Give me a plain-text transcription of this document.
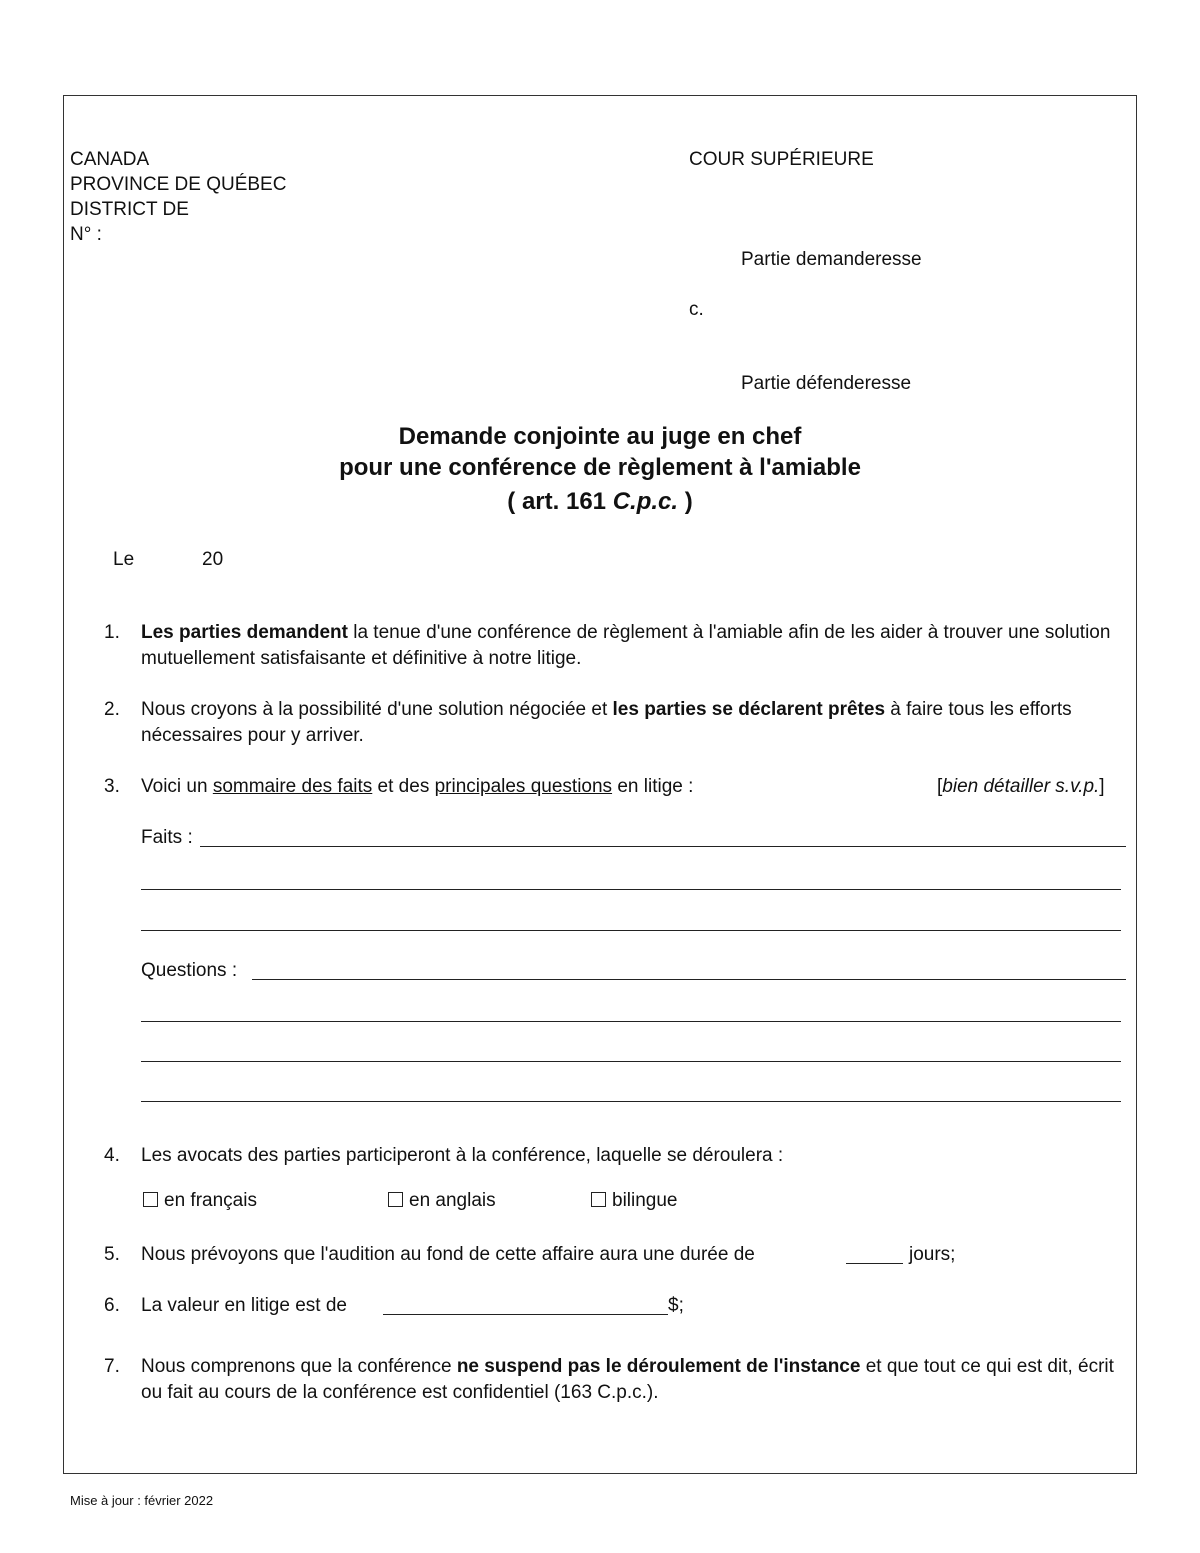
CANADA
PROVINCE DE QUÉBEC
DISTRICT DE
N° :
COUR SUPÉRIEURE
Partie demanderesse
c.
Partie défenderesse
Demande conjointe au juge en chef
pour une conférence de règlement à l'amiable
( art. 161 C.p.c. )
Le	20
1. Les parties demandent la tenue d'une conférence de règlement à l'amiable afin de les aider à trouver une solution mutuellement satisfaisante et définitive à notre litige.
2. Nous croyons à la possibilité d'une solution négociée et les parties se déclarent prêtes à faire tous les efforts nécessaires pour y arriver.
3. Voici un sommaire des faits et des principales questions en litige :	[bien détailler s.v.p.]
Faits :
Questions :
4. Les avocats des parties participeront à la conférence, laquelle se déroulera :
en français	en anglais	bilingue
5. Nous prévoyons que l'audition au fond de cette affaire aura une durée de	jours;
6. La valeur en litige est de	$;
7. Nous comprenons que la conférence ne suspend pas le déroulement de l'instance et que tout ce qui est dit, écrit ou fait au cours de la conférence est confidentiel (163 C.p.c.).
Mise à jour : février 2022
